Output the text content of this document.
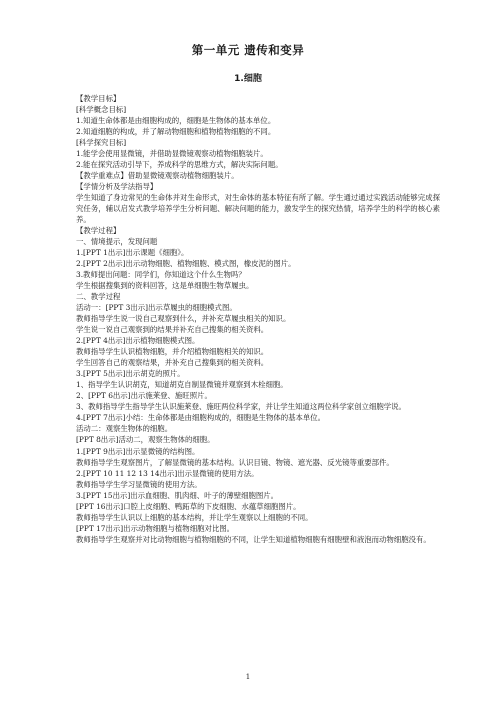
第一单元 遗传和变异
1.细胞
【教学目标】
[科学概念目标]
1.知道生命体都是由细胞构成的，细胞是生物体的基本单位。
2.知道细胞的构成，并了解动物细胞和植物植物细胞的不同。
[科学探究目标]
1.能学会使用显微镜，并借助显微镜观察动植物细胞装片。
2.能在探究活动引导下，养成科学的思维方式，解决实际问题。
【教学重难点】借助显微镜观察动植物细胞装片。
【学情分析及学法指导】
学生知道了身边常见的生命体并对生命形式，对生命体的基本特征有所了解。学生通过通过实践活动能够完成探究任务，辅以启发式教学培养学生分析问题、解决问题的能力，激发学生的探究热情，培养学生的科学的核心素养。
【教学过程】
一、情境提示，发现问题
1.[PPT 1出示]出示课题《细胞》。
2.[PPT 2出示]出示动物细胞、植物细胞、模式图，橡皮泥的图片。
3.教师提出问题：同学们，你知道这个什么生物吗？
学生根据搜集到的资料回答，这是单细胞生物草履虫。
二、教学过程
活动一：[PPT 3出示]出示草履虫的细胞模式图。
教师指导学生说一说自己观察到什么，并补充草履虫相关的知识。
学生说一说自己观察到的结果并补充自己搜集的相关资料。
2.[PPT 4出示]出示植物细胞模式图。
教师指导学生认识植物细胞，并介绍植物细胞相关的知识。
学生回答自己的观察结果，并补充自己搜集到的相关资料。
3.[PPT 5出示]出示胡克的照片。
1、指导学生认识胡克，知道胡克自制显微镜并观察到木栓细胞。
2、[PPT 6出示]出示施莱登、施旺照片。
3、教师指导学生指导学生认识施莱登、施旺两位科学家，并让学生知道这两位科学家创立细胞学说。
4.[PPT 7出示]小结：生命体都是由细胞构成的，细胞是生物体的基本单位。
活动二：观察生物体的细胞。
[PPT 8出示]活动二，观察生物体的细胞。
1.[PPT 9出示]出示显微镜的结构图。
教师指导学生观察图片，了解显微镜的基本结构。认识目镜、物镜、遮光器、反光镜等重要部件。
2.[PPT 10 11 12 13 14出示]出示显微镜的使用方法。
教师指导学生学习显微镜的使用方法。
3.[PPT 15出示]出示血细胞、肌肉细、叶子的薄壁细胞图片。
[PPT 16出示]口腔上皮细胞、鸭跖草的下皮细胞、水蕴草细胞图片。
教师指导学生认识以上细胞的基本结构，并让学生观察以上细胞的不同。
[PPT 17出示]出示动物细胞与植物细胞对比图。
教师指导学生观察并对比动物细胞与植物细胞的不同，让学生知道植物细胞有细胞壁和液泡而动物细胞没有。
1
